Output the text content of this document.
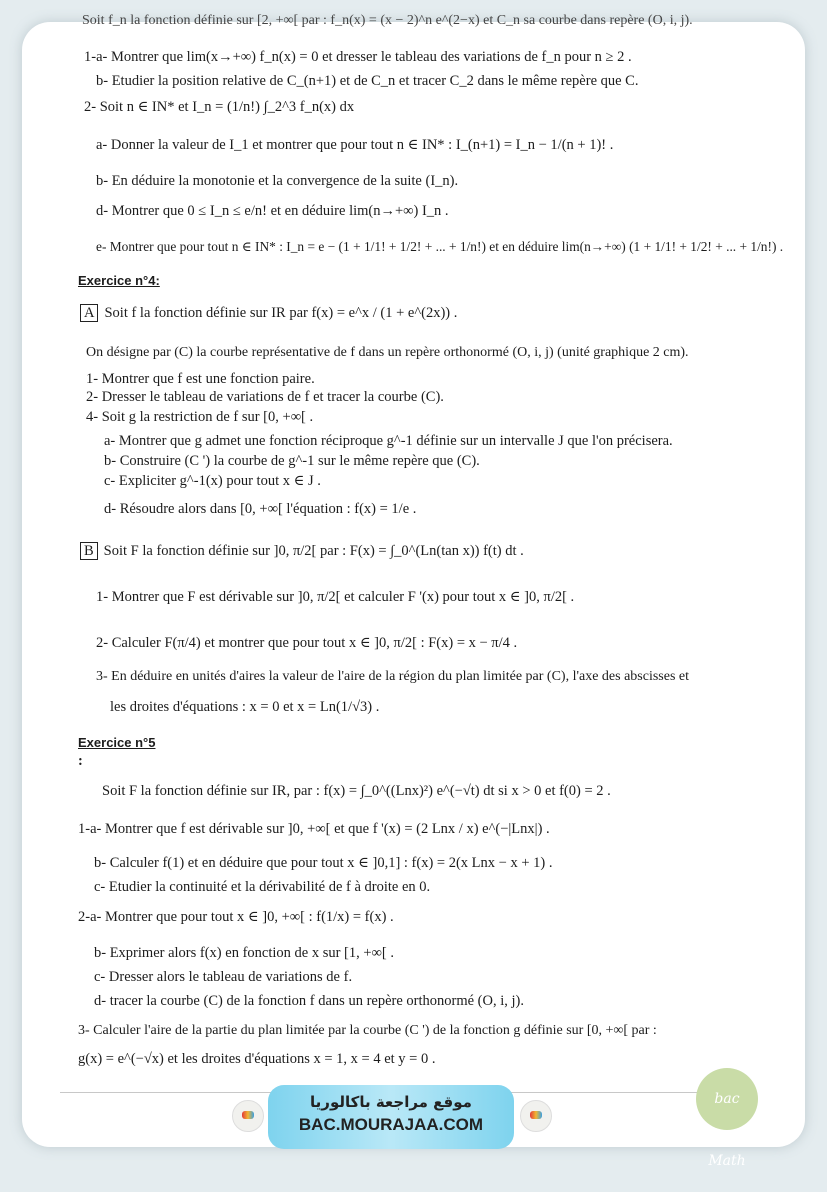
Soit f_n la fonction définie sur [2, +∞[ par : f_n(x) = (x − 2)^n e^(2−x) et C_n sa courbe dans repère (O, i, j).
1-a- Montrer que lim(x→+∞) f_n(x) = 0 et dresser le tableau des variations de f_n pour n ≥ 2 .
b- Etudier la position relative de C_(n+1) et de C_n et tracer C_2 dans le même repère que C.
2- Soit n ∈ IN* et I_n = (1/n!) ∫_2^3 f_n(x) dx
a- Donner la valeur de I_1 et montrer que pour tout n ∈ IN* : I_(n+1) = I_n − 1/(n + 1)! .
b- En déduire la monotonie et la convergence de la suite (I_n).
d- Montrer que 0 ≤ I_n ≤ e/n! et en déduire lim(n→+∞) I_n .
e- Montrer que pour tout n ∈ IN* : I_n = e − (1 + 1/1! + 1/2! + ... + 1/n!) et en déduire lim(n→+∞) (1 + 1/1! + 1/2! + ... + 1/n!) .
Exercice n°4:
A Soit f la fonction définie sur IR par f(x) = e^x / (1 + e^(2x)) .
On désigne par (C) la courbe représentative de f dans un repère orthonormé (O, i, j) (unité graphique 2 cm).
1- Montrer que f est une fonction paire.
2- Dresser le tableau de variations de f et tracer la courbe (C).
4- Soit g la restriction de f sur [0, +∞[ .
a- Montrer que g admet une fonction réciproque g^-1 définie sur un intervalle J que l'on précisera.
b- Construire (C ') la courbe de g^-1 sur le même repère que (C).
c- Expliciter g^-1(x) pour tout x ∈ J .
d- Résoudre alors dans [0, +∞[ l'équation : f(x) = 1/e .
B Soit F la fonction définie sur ]0, π/2[ par : F(x) = ∫_0^(Ln(tan x)) f(t) dt .
1- Montrer que F est dérivable sur ]0, π/2[ et calculer F '(x) pour tout x ∈ ]0, π/2[ .
2- Calculer F(π/4) et montrer que pour tout x ∈ ]0, π/2[ : F(x) = x − π/4 .
3- En déduire en unités d'aires la valeur de l'aire de la région du plan limitée par (C), l'axe des abscisses et
les droites d'équations : x = 0 et x = Ln(1/√3) .
Exercice n°5
:
Soit F la fonction définie sur IR, par : f(x) = ∫_0^((Lnx)²) e^(−√t) dt si x > 0 et f(0) = 2 .
1-a- Montrer que f est dérivable sur ]0, +∞[ et que f '(x) = (2 Lnx / x) e^(−|Lnx|) .
b- Calculer f(1) et en déduire que pour tout x ∈ ]0,1] : f(x) = 2(x Lnx − x + 1) .
c- Etudier la continuité et la dérivabilité de f à droite en 0.
2-a- Montrer que pour tout x ∈ ]0, +∞[ : f(1/x) = f(x) .
b- Exprimer alors f(x) en fonction de x sur [1, +∞[ .
c- Dresser alors le tableau de variations de f.
d- tracer la courbe (C) de la fonction f dans un repère orthonormé (O, i, j).
3- Calculer l'aire de la partie du plan limitée par la courbe (C ') de la fonction g définie sur [0, +∞[ par :
g(x) = e^(−√x) et les droites d'équations x = 1, x = 4 et y = 0 .
موقع مراجعة باكالوريا
BAC.MOURAJAA.COM
bac Math
